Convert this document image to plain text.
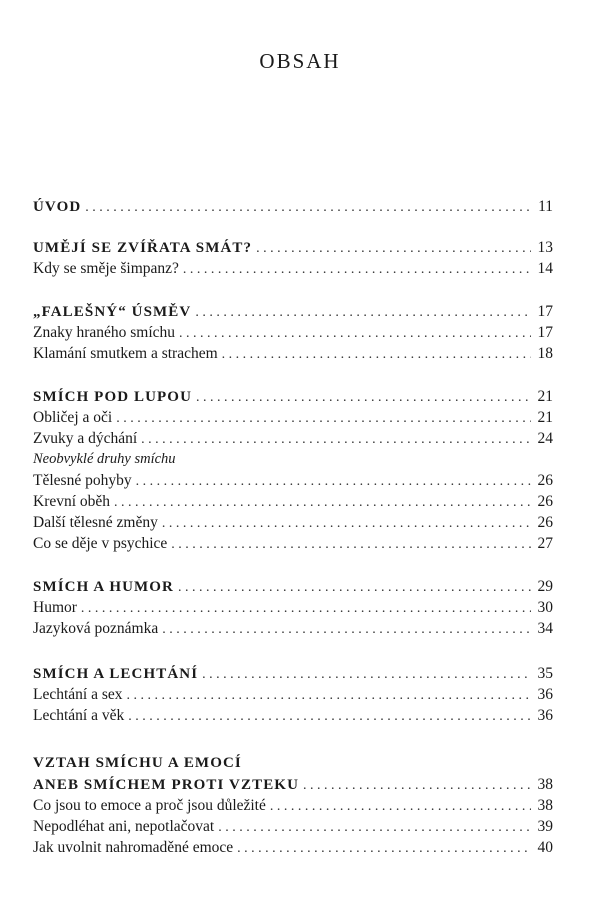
OBSAH
ÚVOD . . .	11
UMĚJÍ SE ZVÍŘATA SMÁT? . . .	13
Kdy se směje šimpanz? . . .	14
„FALEŠNÝ“ ÚSMĚV . . .	17
Znaky hraného smíchu . . .	17
Klamání smutkem a strachem . . .	18
SMÍCH POD LUPOU . . .	21
Obličej a oči . . .	21
Zvuky a dýchání . . .	24
Neobvyklé druhy smíchu
Tělesné pohyby . . .	26
Krevní oběh . . .	26
Další tělesné změny . . .	26
Co se děje v psychice . . .	27
SMÍCH A HUMOR . . .	29
Humor . . .	30
Jazyková poznámka . . .	34
SMÍCH A LECHTÁNÍ . . .	35
Lechtání a sex . . .	36
Lechtání a věk . . .	36
VZTAH SMÍCHU A EMOCÍ
ANEB SMÍCHEM PROTI VZTEKU . . .	38
Co jsou to emoce a proč jsou důležité . . .	38
Nepodléhat ani, nepotlačovat . . .	39
Jak uvolnit nahromaděné emoce . . .	40
